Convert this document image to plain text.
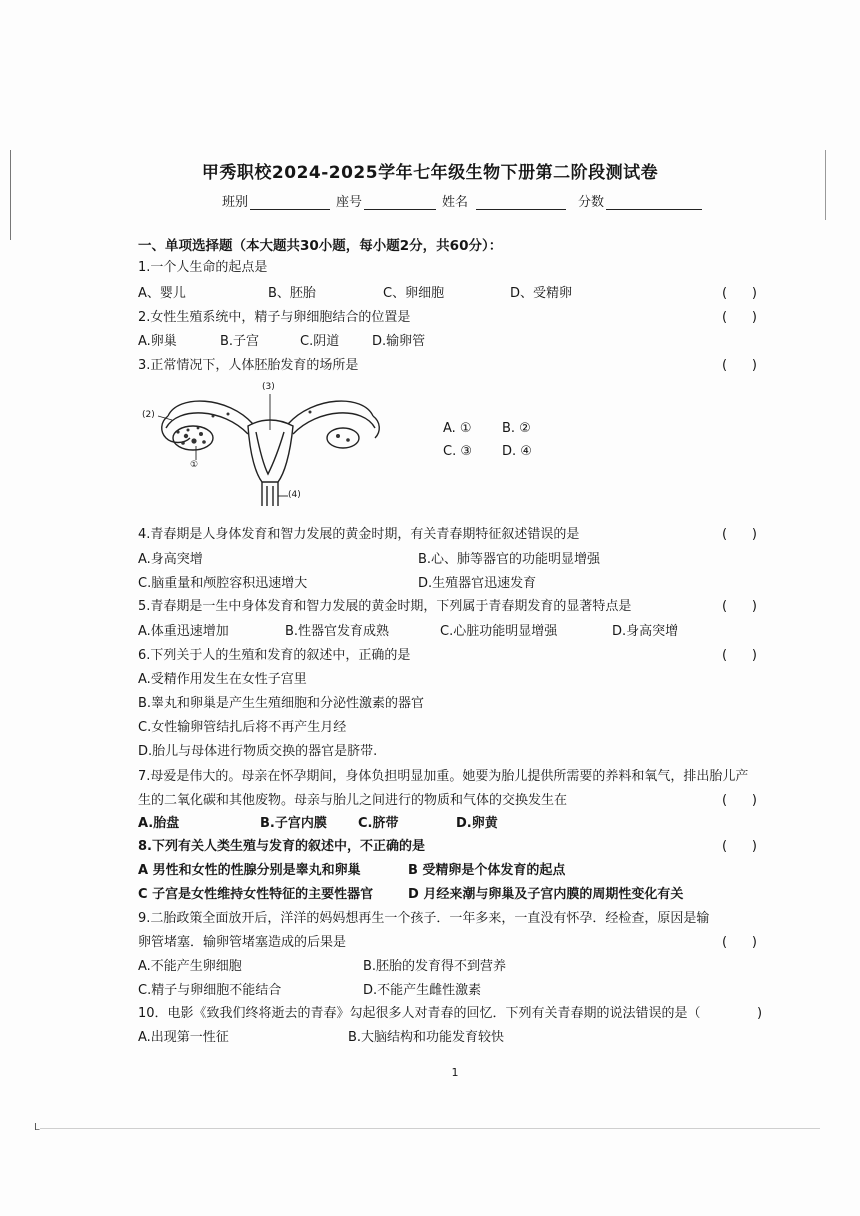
L
甲秀职校2024-2025学年七年级生物下册第二阶段测试卷
班别	座号	姓名	分数
一、单项选择题（本大题共30小题，每小题2分，共60分）：
1.一个人生命的起点是
A、婴儿	B、胚胎	C、卵细胞	D、受精卵	(      )
2.女性生殖系统中，精子与卵细胞结合的位置是	(      )
A.卵巢	B.子宫	C.阴道	D.输卵管
3.正常情况下，人体胚胎发育的场所是	(      )
(3)
(2)
①
(4)
A. ① B. ②
C. ③ D. ④
4.青春期是人身体发育和智力发展的黄金时期，有关青春期特征叙述错误的是	(      )
A.身高突增	B.心、肺等器官的功能明显增强
C.脑重量和颅腔容积迅速增大	D.生殖器官迅速发育
5.青春期是一生中身体发育和智力发展的黄金时期，下列属于青春期发育的显著特点是	(      )
A.体重迅速增加	B.性器官发育成熟	C.心脏功能明显增强	D.身高突增
6.下列关于人的生殖和发育的叙述中，正确的是	(      )
A.受精作用发生在女性子宫里
B.睾丸和卵巢是产生生殖细胞和分泌性激素的器官
C.女性输卵管结扎后将不再产生月经
D.胎儿与母体进行物质交换的器官是脐带.
7.母爱是伟大的。母亲在怀孕期间，身体负担明显加重。她要为胎儿提供所需要的养料和氧气，排出胎儿产
生的二氧化碳和其他废物。母亲与胎儿之间进行的物质和气体的交换发生在	(      )
A.胎盘	B.子宫内膜 C.脐带	D.卵黄
8.下列有关人类生殖与发育的叙述中，不正确的是	(      )
A 男性和女性的性腺分别是睾丸和卵巢	B 受精卵是个体发育的起点
C 子宫是女性维持女性特征的主要性器官	D 月经来潮与卵巢及子宫内膜的周期性变化有关
9.二胎政策全面放开后，洋洋的妈妈想再生一个孩子．一年多来，一直没有怀孕．经检查，原因是输
卵管堵塞．输卵管堵塞造成的后果是	(      )
A.不能产生卵细胞	B.胚胎的发育得不到营养
C.精子与卵细胞不能结合	D.不能产生雌性激素
10．电影《致我们终将逝去的青春》勾起很多人对青春的回忆．下列有关青春期的说法错误的是（	)
A.出现第一性征	B.大脑结构和功能发育较快
1
